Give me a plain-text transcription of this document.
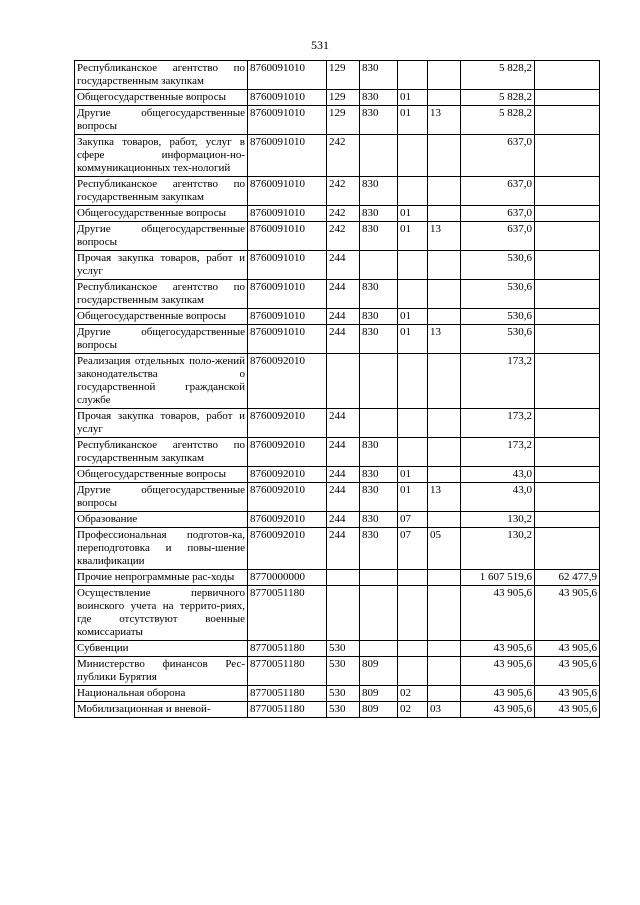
531
Республиканское агентство по государственным закупкам	8760091010	129	830			5 828,2	
Общегосударственные вопросы	8760091010	129	830	01		5 828,2	
Другие общегосударственные вопросы	8760091010	129	830	01	13	5 828,2	
Закупка товаров, работ, услуг в сфере информацион-но-коммуникационных тех-нологий	8760091010	242				637,0	
Республиканское агентство по государственным закупкам	8760091010	242	830			637,0	
Общегосударственные вопросы	8760091010	242	830	01		637,0	
Другие общегосударственные вопросы	8760091010	242	830	01	13	637,0	
Прочая закупка товаров, работ и услуг	8760091010	244				530,6	
Республиканское агентство по государственным закупкам	8760091010	244	830			530,6	
Общегосударственные вопросы	8760091010	244	830	01		530,6	
Другие общегосударственные вопросы	8760091010	244	830	01	13	530,6	
Реализация отдельных поло-жений законодательства о государственной гражданской службе	8760092010					173,2	
Прочая закупка товаров, работ и услуг	8760092010	244				173,2	
Республиканское агентство по государственным закупкам	8760092010	244	830			173,2	
Общегосударственные вопросы	8760092010	244	830	01		43,0	
Другие общегосударственные вопросы	8760092010	244	830	01	13	43,0	
Образование	8760092010	244	830	07		130,2	
Профессиональная подготов-ка, переподготовка и повы-шение квалификации	8760092010	244	830	07	05	130,2	
Прочие непрограммные рас-ходы	8770000000					1 607 519,6	62 477,9
Осуществление первичного воинского учета на террито-риях, где отсутствуют военные комиссариаты	8770051180					43 905,6	43 905,6
Субвенции	8770051180	530				43 905,6	43 905,6
Министерство финансов Рес-публики Бурятия	8770051180	530	809			43 905,6	43 905,6
Национальная оборона	8770051180	530	809	02		43 905,6	43 905,6
Мобилизационная и вневой-	8770051180	530	809	02	03	43 905,6	43 905,6
